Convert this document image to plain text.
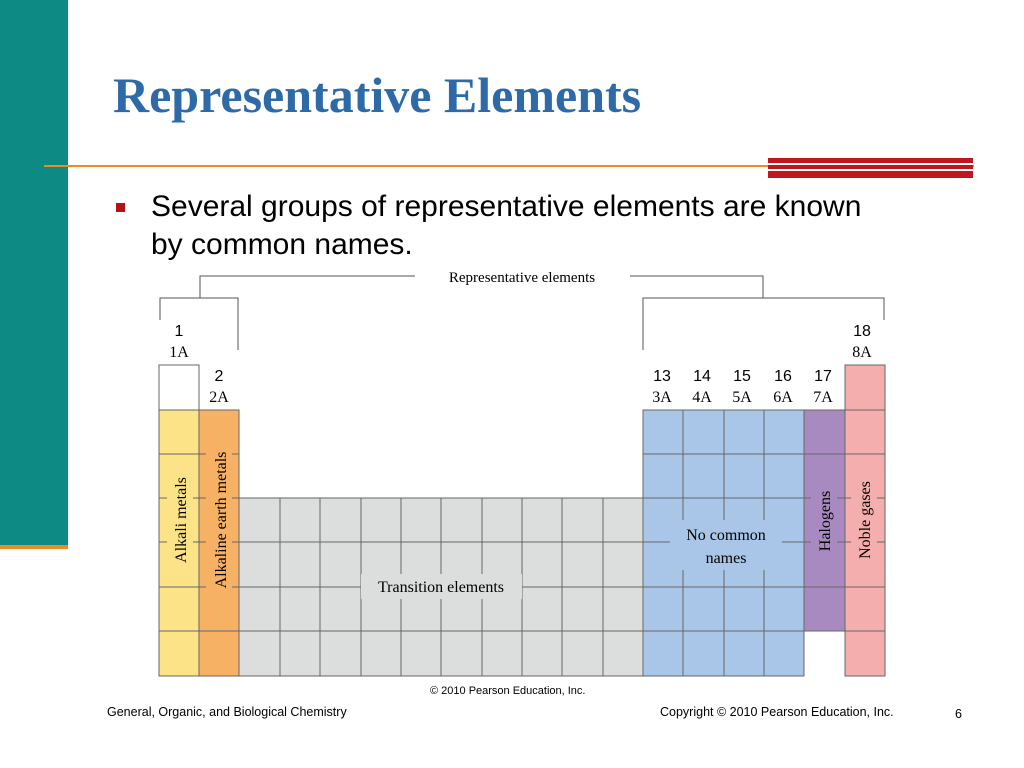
Representative Elements

Several groups of representative elements are known by common names.

Representative elements
1
1A
2
2A
13
3A
14
4A
15
5A
16
6A
17
7A
18
8A
Transition elements
No common
names
Alkali metals Alkaline earth metals	Halogens Noble gases
© 2010 Pearson Education, Inc.
General, Organic, and Biological Chemistry	Copyright © 2010 Pearson Education, Inc.	6
